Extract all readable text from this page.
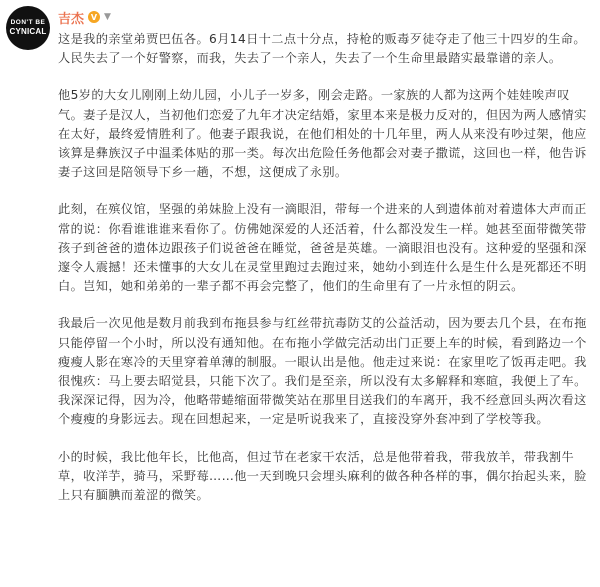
DON'T BE
CYNICAL
吉杰 V ▼

这是我的亲堂弟贾巴伍各。6月14日十二点十分点，持枪的贩毒歹徒夺走了他三十四岁的生命。人民失去了一个好警察，而我，失去了一个亲人，失去了一个生命里最踏实最靠谱的亲人。

他5岁的大女儿刚刚上幼儿园，小儿子一岁多，刚会走路。一家族的人都为这两个娃娃唉声叹气。妻子是汉人，当初他们恋爱了九年才决定结婚，家里本来是极力反对的，但因为两人感情实在太好，最终爱情胜利了。他妻子跟我说，在他们相处的十几年里，两人从来没有吵过架，他应该算是彝族汉子中温柔体贴的那一类。每次出危险任务他都会对妻子撒谎，这回也一样，他告诉妻子这回是陪领导下乡一趟，不想，这便成了永别。

此刻，在殡仪馆，坚强的弟妹脸上没有一滴眼泪，带每一个进来的人到遗体前对着遗体大声而正常的说：你看谁谁谁来看你了。仿佛她深爱的人还活着，什么都没发生一样。她甚至面带微笑带孩子到爸爸的遗体边跟孩子们说爸爸在睡觉，爸爸是英雄。一滴眼泪也没有。这种爱的坚强和深邃令人震撼！还未懂事的大女儿在灵堂里跑过去跑过来，她幼小到连什么是生什么是死都还不明白。岂知，她和弟弟的一辈子都不再会完整了，他们的生命里有了一片永恒的阴云。

我最后一次见他是数月前我到布拖县参与红丝带抗毒防艾的公益活动，因为要去几个县，在布拖只能停留一个小时，所以没有通知他。在布拖小学做完活动出门正要上车的时候，看到路边一个瘦瘦人影在寒冷的天里穿着单薄的制服。一眼认出是他。他走过来说：在家里吃了饭再走吧。我很愧疚：马上要去昭觉县，只能下次了。我们是至亲，所以没有太多解释和寒暄，我便上了车。我深深记得，因为冷，他略带蜷缩面带微笑站在那里目送我们的车离开，我不经意回头两次看这个瘦瘦的身影远去。现在回想起来，一定是听说我来了，直接没穿外套冲到了学校等我。

小的时候，我比他年长，比他高，但过节在老家干农活，总是他带着我，带我放羊，带我割牛草，收洋芋，骑马，采野莓……他一天到晚只会埋头麻利的做各种各样的事，偶尔抬起头来，脸上只有腼腆而羞涩的微笑。
